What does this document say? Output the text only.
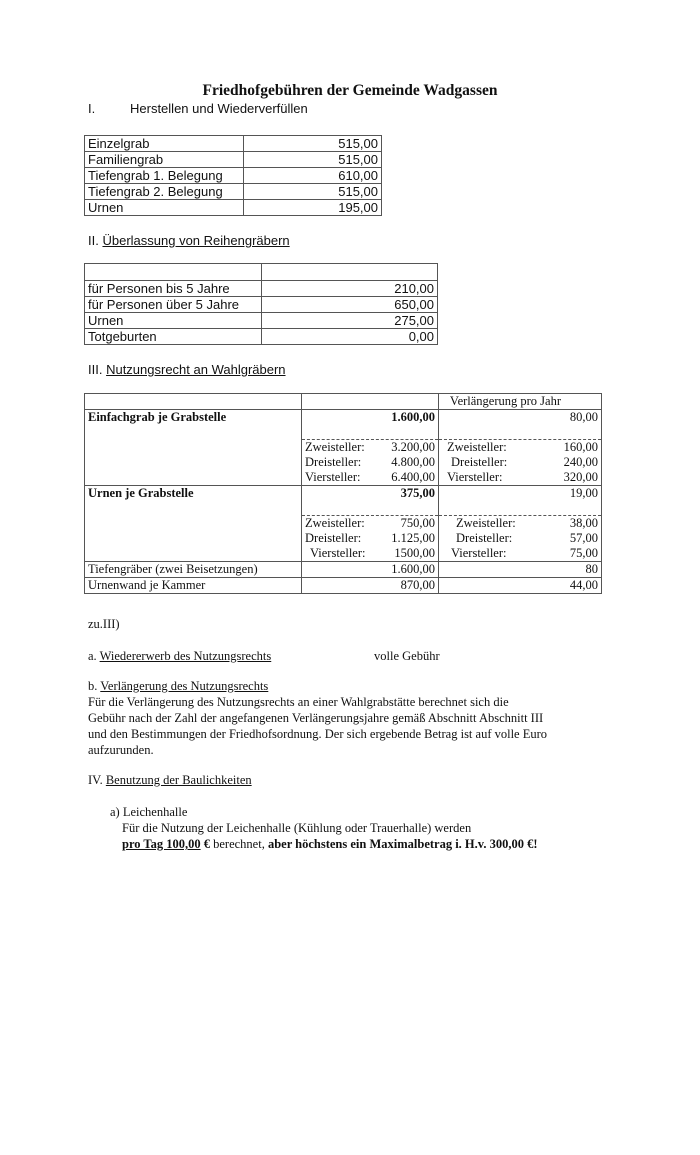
Friedhofgebühren der Gemeinde Wadgassen
I.	Herstellen und Wiederverfüllen
Einzelgrab	515,00
Familiengrab	515,00
Tiefengrab 1. Belegung	610,00
Tiefengrab 2. Belegung	515,00
Urnen	195,00
II. Überlassung von Reihengräbern

für Personen bis 5 Jahre	210,00
für Personen über 5 Jahre	650,00
Urnen	275,00
Totgeburten	0,00
III. Nutzungsrecht an Wahlgräbern
		Verlängerung pro Jahr
Einfachgrab je Grabstelle	1.600,00	80,00

	Zweisteller: 3.200,00	Zweisteller: 160,00

	Dreisteller: 4.800,00	Dreisteller: 240,00

	Viersteller: 6.400,00	Viersteller: 320,00
Urnen je Grabstelle	375,00	19,00

	Zweisteller: 750,00	Zweisteller: 38,00

	Dreisteller: 1.125,00	Dreisteller: 57,00

	Viersteller: 1500,00	Viersteller: 75,00
Tiefengräber (zwei Beisetzungen)	1.600,00	80
Urnenwand je Kammer	870,00	44,00
zu.III)
a. Wiedererwerb des Nutzungsrechts	volle Gebühr
b. Verlängerung des Nutzungsrechts
Für die Verlängerung des Nutzungsrechts an einer Wahlgrabstätte berechnet sich die
Gebühr nach der Zahl der angefangenen Verlängerungsjahre gemäß Abschnitt Abschnitt III
und den Bestimmungen der Friedhofsordnung. Der sich ergebende Betrag ist auf volle Euro
aufzurunden.
IV. Benutzung der Baulichkeiten
a) Leichenhalle
Für die Nutzung der Leichenhalle (Kühlung oder Trauerhalle) werden
pro Tag 100,00 € berechnet, aber höchstens ein Maximalbetrag i. H.v. 300,00 €!
